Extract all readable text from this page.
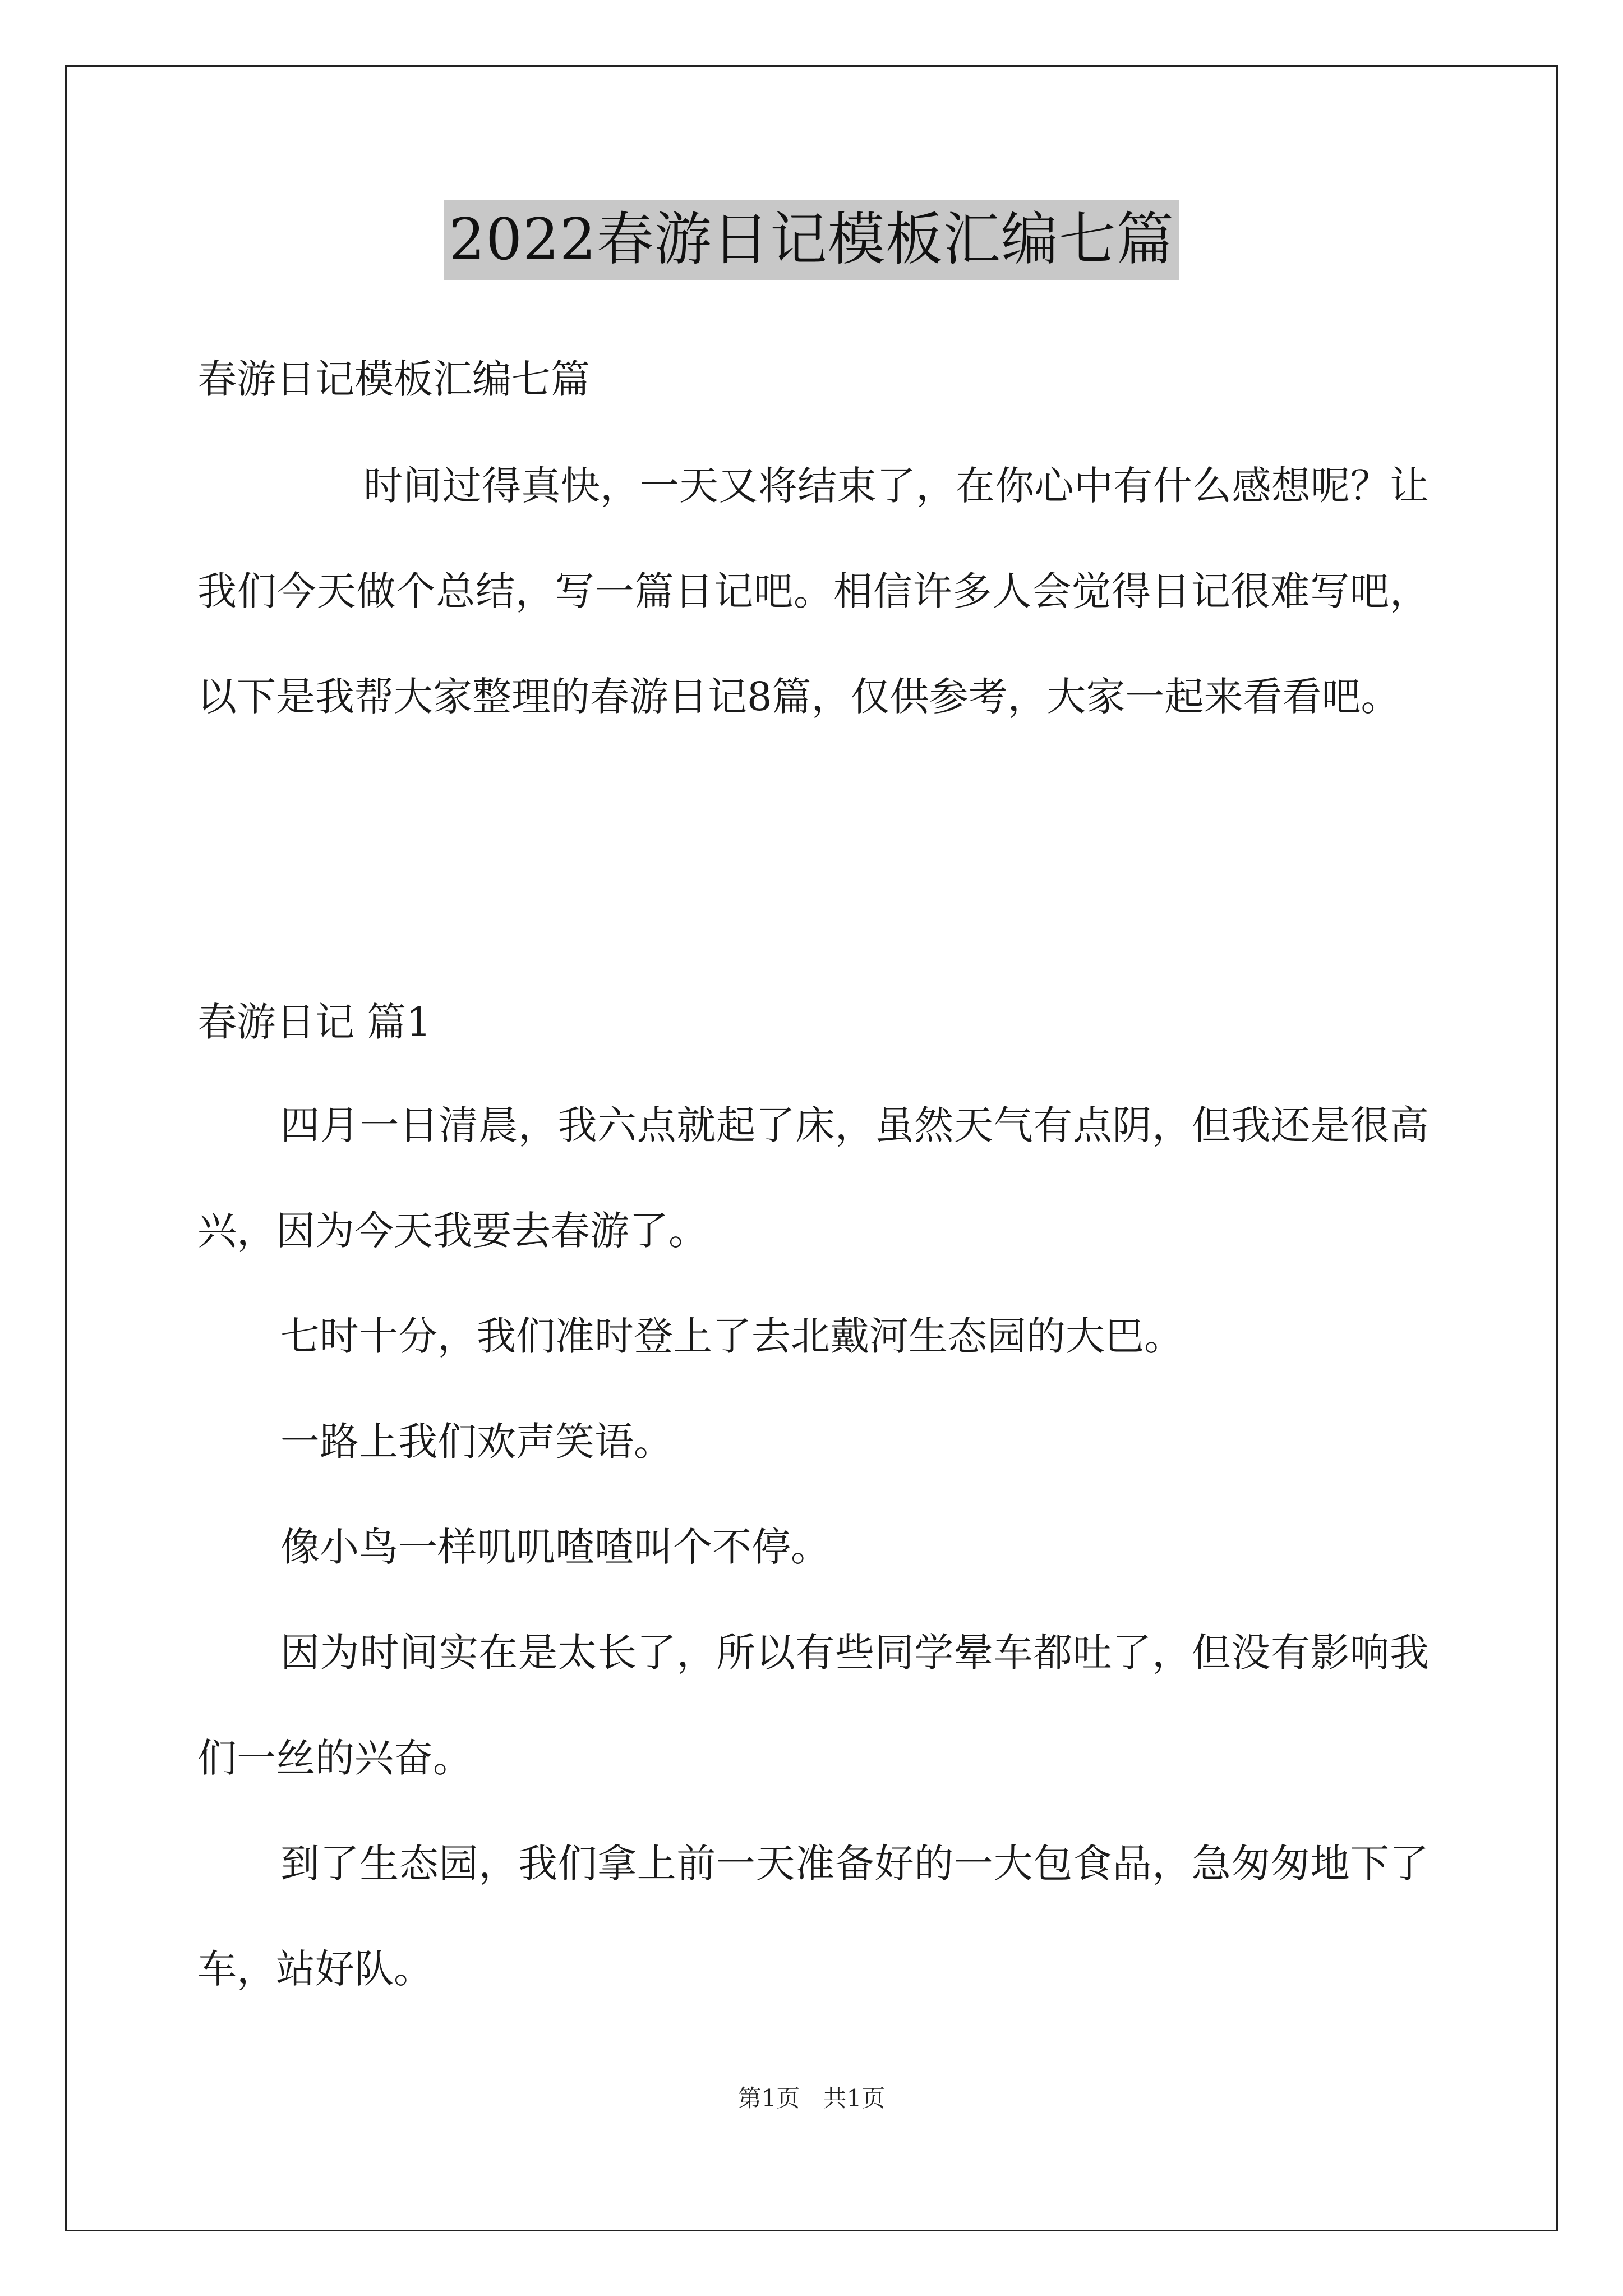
2022春游日记模板汇编七篇

春游日记模板汇编七篇

时间过得真快，一天又将结束了，在你心中有什么感想呢？让我们今天做个总结，写一篇日记吧。相信许多人会觉得日记很难写吧，以下是我帮大家整理的春游日记8篇，仅供参考，大家一起来看看吧。

春游日记 篇1

四月一日清晨，我六点就起了床，虽然天气有点阴，但我还是很高兴，因为今天我要去春游了。

七时十分，我们准时登上了去北戴河生态园的大巴。

一路上我们欢声笑语。

像小鸟一样叽叽喳喳叫个不停。

因为时间实在是太长了，所以有些同学晕车都吐了，但没有影响我们一丝的兴奋。

到了生态园，我们拿上前一天准备好的一大包食品，急匆匆地下了车，站好队。

第1页 共1页
